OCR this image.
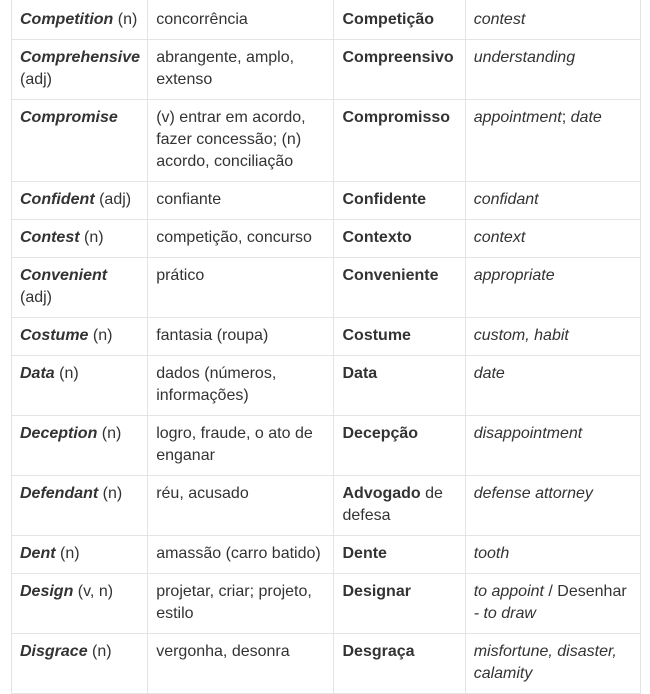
Competition (n)	concorrência	Competição	contest
Comprehensive (adj)	abrangente, amplo, extenso	Compreensivo	understanding
Compromise	(v) entrar em acordo, fazer concessão; (n) acordo, conciliação	Compromisso	appointment; date
Confident (adj)	confiante	Confidente	confidant
Contest (n)	competição, concurso	Contexto	context
Convenient (adj)	prático	Conveniente	appropriate
Costume (n)	fantasia (roupa)	Costume	custom, habit
Data (n)	dados (números, informações)	Data	date
Deception (n)	logro, fraude, o ato de enganar	Decepção	disappointment
Defendant (n)	réu, acusado	Advogado de defesa	defense attorney
Dent (n)	amassão (carro batido)	Dente	tooth
Design (v, n)	projetar, criar; projeto, estilo	Designar	to appoint / Desenhar - to draw
Disgrace (n)	vergonha, desonra	Desgraça	misfortune, disaster, calamity
